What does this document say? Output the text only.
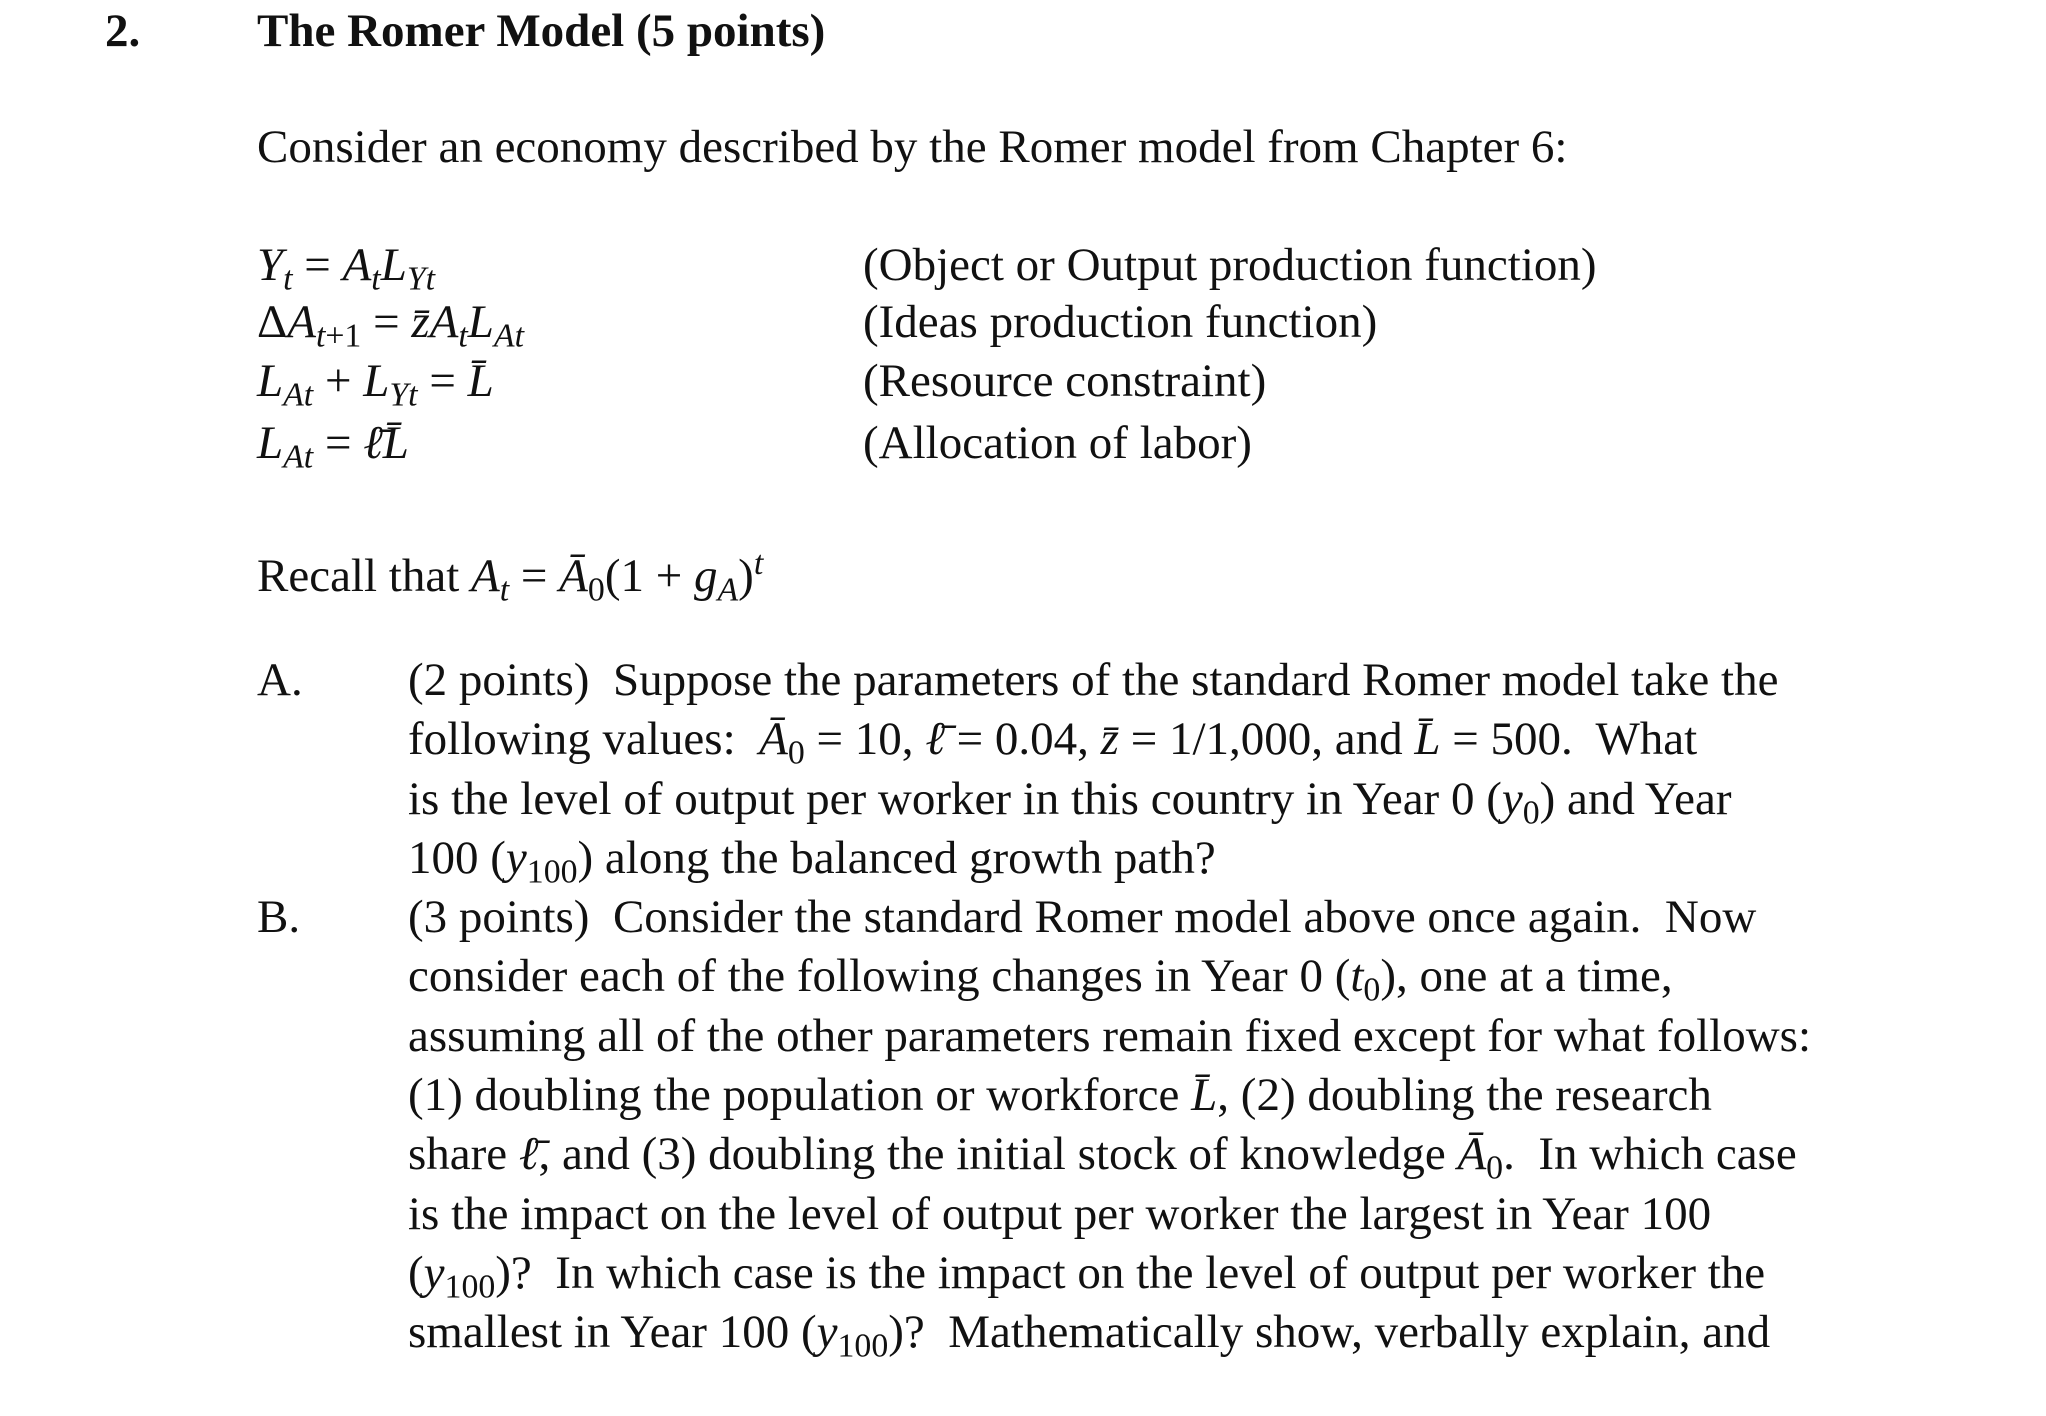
2. The Romer Model (5 points)
Consider an economy described by the Romer model from Chapter 6:
$Y_t = A_tL_{Yt}$	(Object or Output production function)
$\Delta A_{t+1}$ = $z̄A_tL_{At}$	(Ideas production function)
$L_{At} + L_{Yt}$ = L̄	(Resource constraint)
$L_{At}$ = ℓ̄L̄	(Allocation of labor)
Recall that $A_t$ = $Ā_0(1 + g_A)^t$
A. (2 points)  Suppose the parameters of the standard Romer model take the
following values:  $Ā_0 = 10$, ℓ̄ = 0.04, z̄ = 1/1,000, and L̄ = 500.  What
is the level of output per worker in this country in Year 0 $(y_0)$ and Year
100 $(y_{100})$ along the balanced growth path?
B. (3 points)  Consider the standard Romer model above once again.  Now
consider each of the following changes in Year 0 $(t_0)$, one at a time,
assuming all of the other parameters remain fixed except for what follows:
(1) doubling the population or workforce L̄, (2) doubling the research
share ℓ̄, and (3) doubling the initial stock of knowledge $Ā_0$.  In which case
is the impact on the level of output per worker the largest in Year 100
$(y_{100})$?  In which case is the impact on the level of output per worker the
smallest in Year 100 $(y_{100})$?  Mathematically show, verbally explain, and
